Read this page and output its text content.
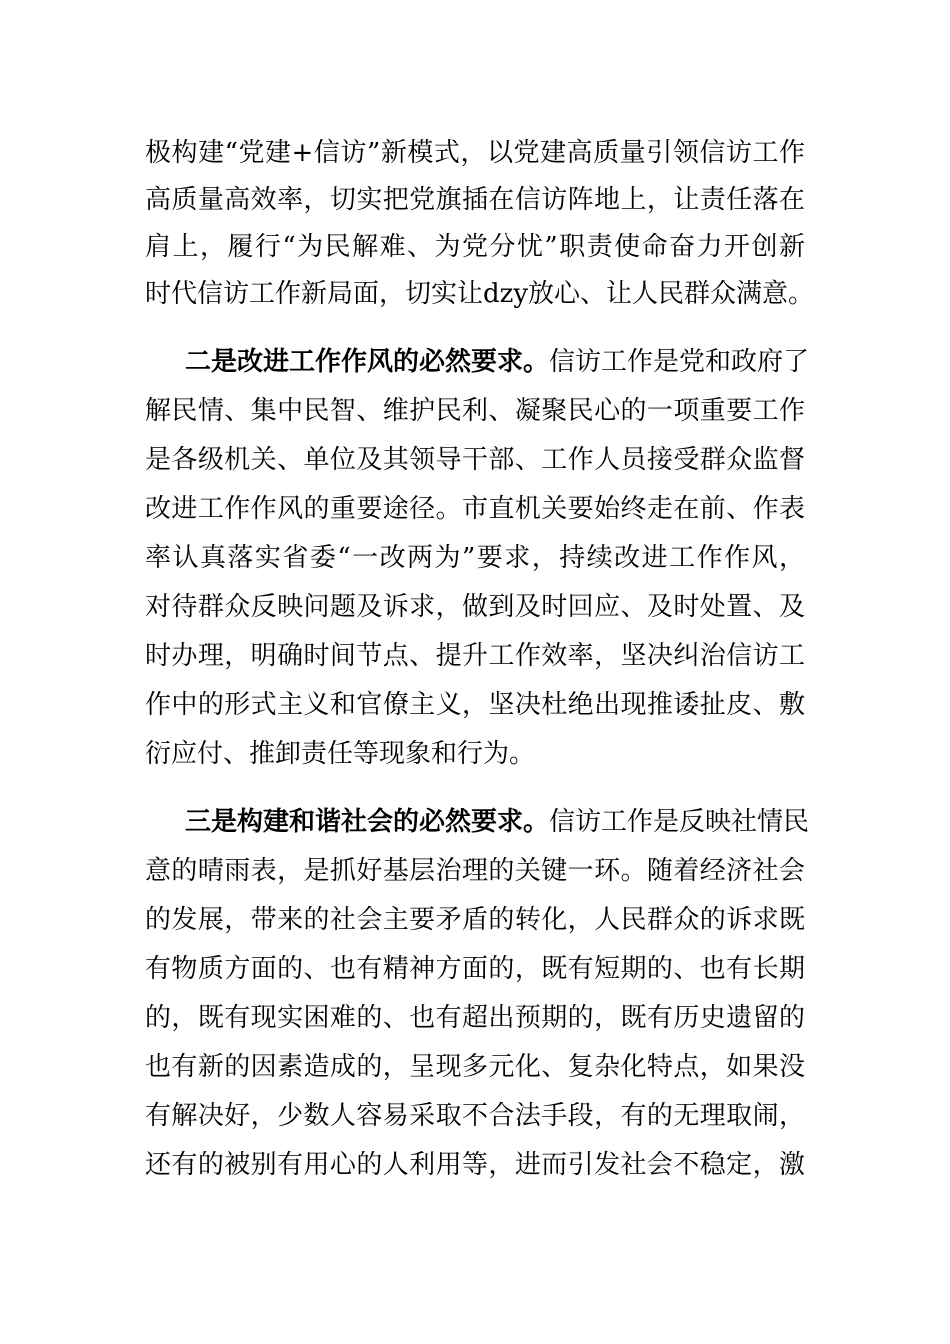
极构建“党建+信访”新模式，以党建高质量引领信访工作
高质量高效率，切实把党旗插在信访阵地上，让责任落在
肩上，履行“为民解难、为党分忧”职责使命奋力开创新
时代信访工作新局面，切实让dzy放心、让人民群众满意。
二是改进工作作风的必然要求。信访工作是党和政府了
解民情、集中民智、维护民利、凝聚民心的一项重要工作
是各级机关、单位及其领导干部、工作人员接受群众监督
改进工作作风的重要途径。市直机关要始终走在前、作表
率认真落实省委“一改两为”要求，持续改进工作作风，
对待群众反映问题及诉求，做到及时回应、及时处置、及
时办理，明确时间节点、提升工作效率，坚决纠治信访工
作中的形式主义和官僚主义，坚决杜绝出现推诿扯皮、敷
衍应付、推卸责任等现象和行为。
三是构建和谐社会的必然要求。信访工作是反映社情民
意的晴雨表，是抓好基层治理的关键一环。随着经济社会
的发展，带来的社会主要矛盾的转化，人民群众的诉求既
有物质方面的、也有精神方面的，既有短期的、也有长期
的，既有现实困难的、也有超出预期的，既有历史遗留的
也有新的因素造成的，呈现多元化、复杂化特点，如果没
有解决好，少数人容易采取不合法手段，有的无理取闹，
还有的被别有用心的人利用等，进而引发社会不稳定，激
